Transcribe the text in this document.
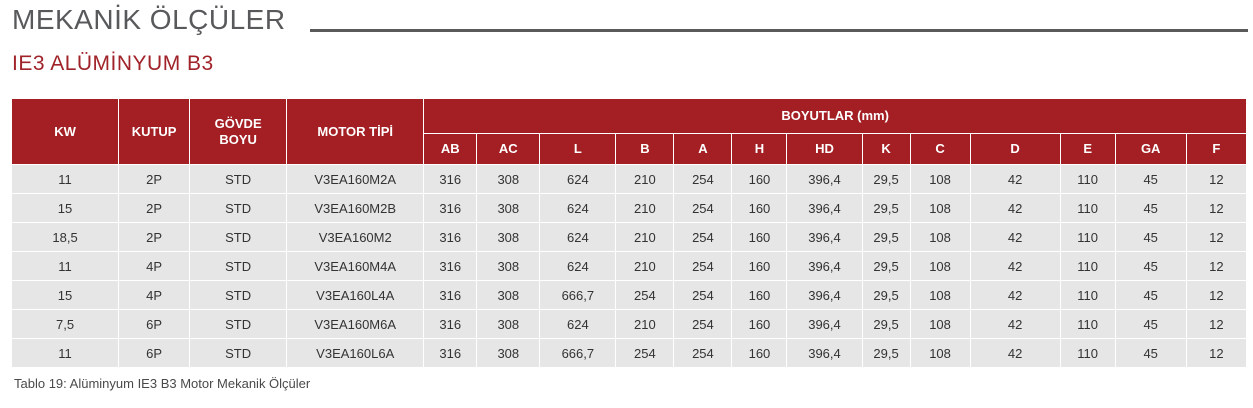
MEKANİK ÖLÇÜLER
IE3 ALÜMİNYUM B3
KW	KUTUP	GÖVDE BOYU	MOTOR TİPİ	BOYUTLAR (mm)												
				AB	AC	L	B	A	H	HD	K	C	D	E	GA	F
11	2P	STD	V3EA160M2A	316	308	624	210	254	160	396,4	29,5	108	42	110	45	12
15	2P	STD	V3EA160M2B	316	308	624	210	254	160	396,4	29,5	108	42	110	45	12
18,5	2P	STD	V3EA160M2	316	308	624	210	254	160	396,4	29,5	108	42	110	45	12
11	4P	STD	V3EA160M4A	316	308	624	210	254	160	396,4	29,5	108	42	110	45	12
15	4P	STD	V3EA160L4A	316	308	666,7	254	254	160	396,4	29,5	108	42	110	45	12
7,5	6P	STD	V3EA160M6A	316	308	624	210	254	160	396,4	29,5	108	42	110	45	12
11	6P	STD	V3EA160L6A	316	308	666,7	254	254	160	396,4	29,5	108	42	110	45	12
Tablo 19: Alüminyum IE3 B3 Motor Mekanik Ölçüler
